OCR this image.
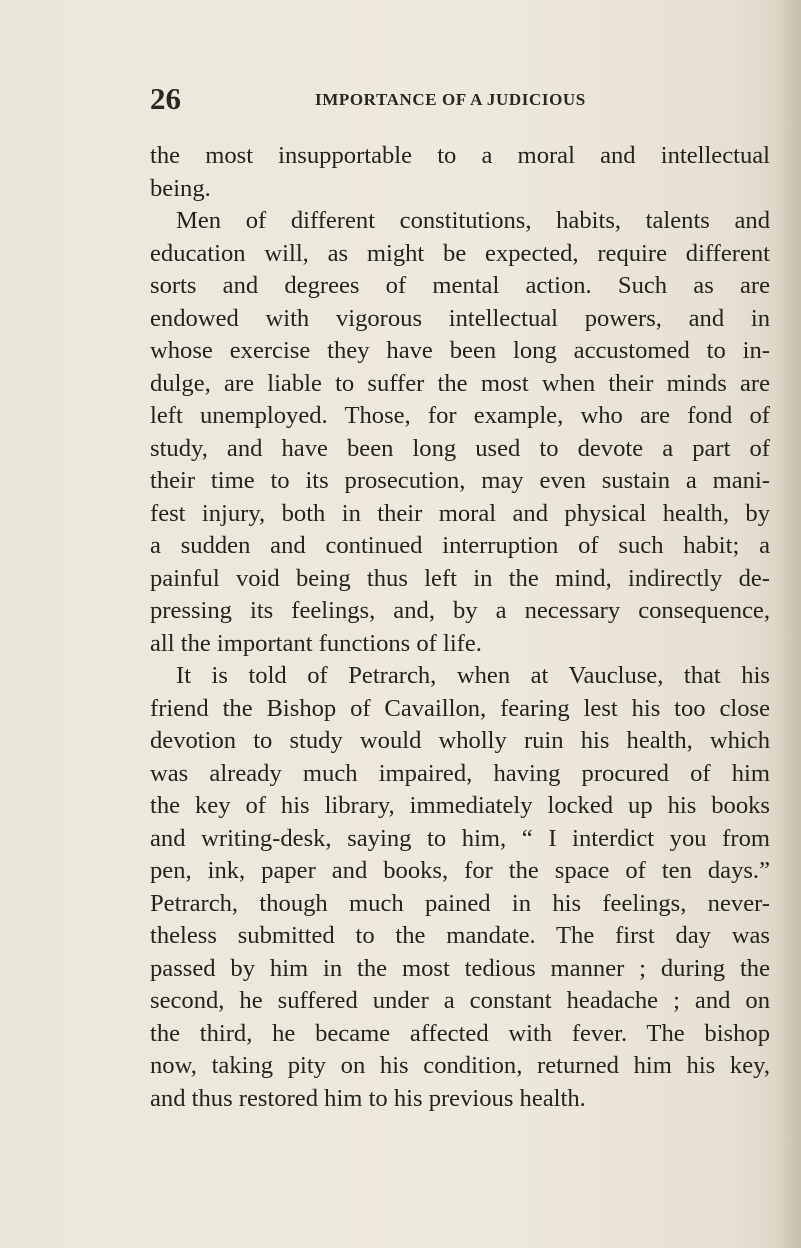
26	IMPORTANCE OF A JUDICIOUS
the most insupportable to a moral and intellectual
being.
Men of different constitutions, habits, talents and
education will, as might be expected, require different
sorts and degrees of mental action. Such as are
endowed with vigorous intellectual powers, and in
whose exercise they have been long accustomed to in-
dulge, are liable to suffer the most when their minds are
left unemployed. Those, for example, who are fond of
study, and have been long used to devote a part of
their time to its prosecution, may even sustain a mani-
fest injury, both in their moral and physical health, by
a sudden and continued interruption of such habit; a
painful void being thus left in the mind, indirectly de-
pressing its feelings, and, by a necessary consequence,
all the important functions of life.
It is told of Petrarch, when at Vaucluse, that his
friend the Bishop of Cavaillon, fearing lest his too close
devotion to study would wholly ruin his health, which
was already much impaired, having procured of him
the key of his library, immediately locked up his books
and writing-desk, saying to him, “ I interdict you from
pen, ink, paper and books, for the space of ten days.”
Petrarch, though much pained in his feelings, never-
theless submitted to the mandate. The first day was
passed by him in the most tedious manner ; during the
second, he suffered under a constant headache ; and on
the third, he became affected with fever. The bishop
now, taking pity on his condition, returned him his key,
and thus restored him to his previous health.
